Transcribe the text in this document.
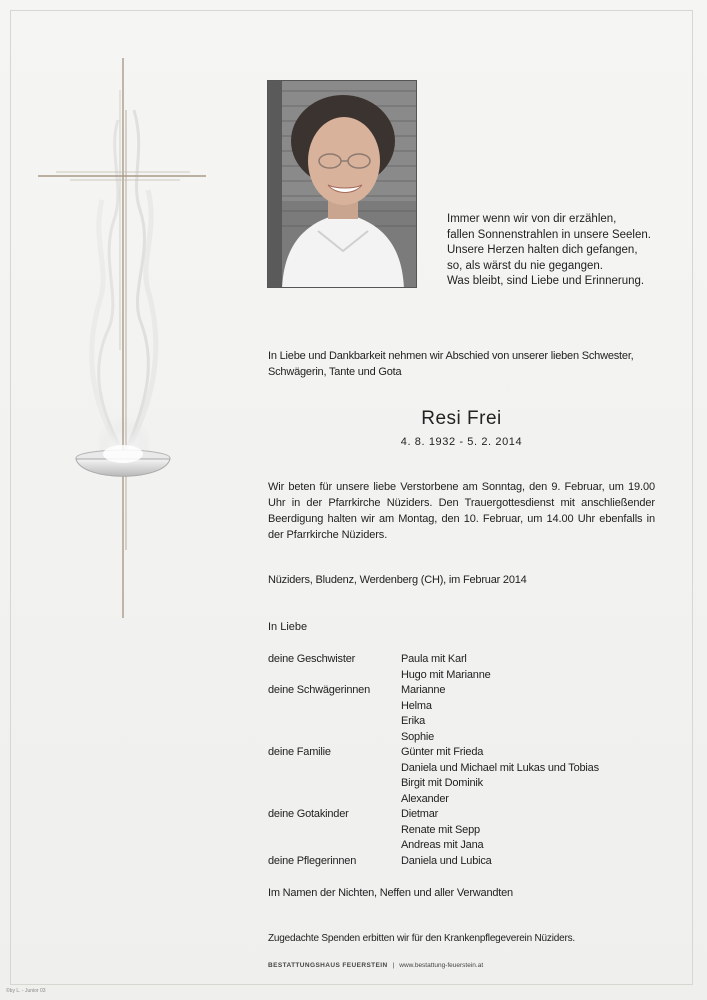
Immer wenn wir von dir erzählen,
fallen Sonnenstrahlen in unsere Seelen.
Unsere Herzen halten dich gefangen,
so, als wärst du nie gegangen.
Was bleibt, sind Liebe und Erinnerung.
In Liebe und Dankbarkeit nehmen wir Abschied von unserer lieben Schwester, Schwägerin, Tante und Gota
Resi Frei
4. 8. 1932 - 5. 2. 2014
Wir beten für unsere liebe Verstorbene am Sonntag, den 9. Februar, um 19.00 Uhr in der Pfarrkirche Nüziders. Den Trauergottesdienst mit anschließender Beerdigung halten wir am Montag, den 10. Februar, um 14.00 Uhr ebenfalls in der Pfarrkirche Nüziders.
Nüziders, Bludenz, Werdenberg (CH), im Februar 2014
In Liebe
deine Geschwister	Paula mit Karl
Hugo mit Marianne
deine Schwägerinnen	Marianne
Helma
Erika
Sophie
deine Familie	Günter mit Frieda
Daniela und Michael mit Lukas und Tobias
Birgit mit Dominik
Alexander
deine Gotakinder	Dietmar
Renate mit Sepp
Andreas mit Jana
deine Pflegerinnen	Daniela und Lubica
Im Namen der Nichten, Neffen und aller Verwandten
Zugedachte Spenden erbitten wir für den Krankenpflegeverein Nüziders.
BESTATTUNGSHAUS FEUERSTEIN | www.bestattung-feuerstein.at
©by L. - Junior 03
